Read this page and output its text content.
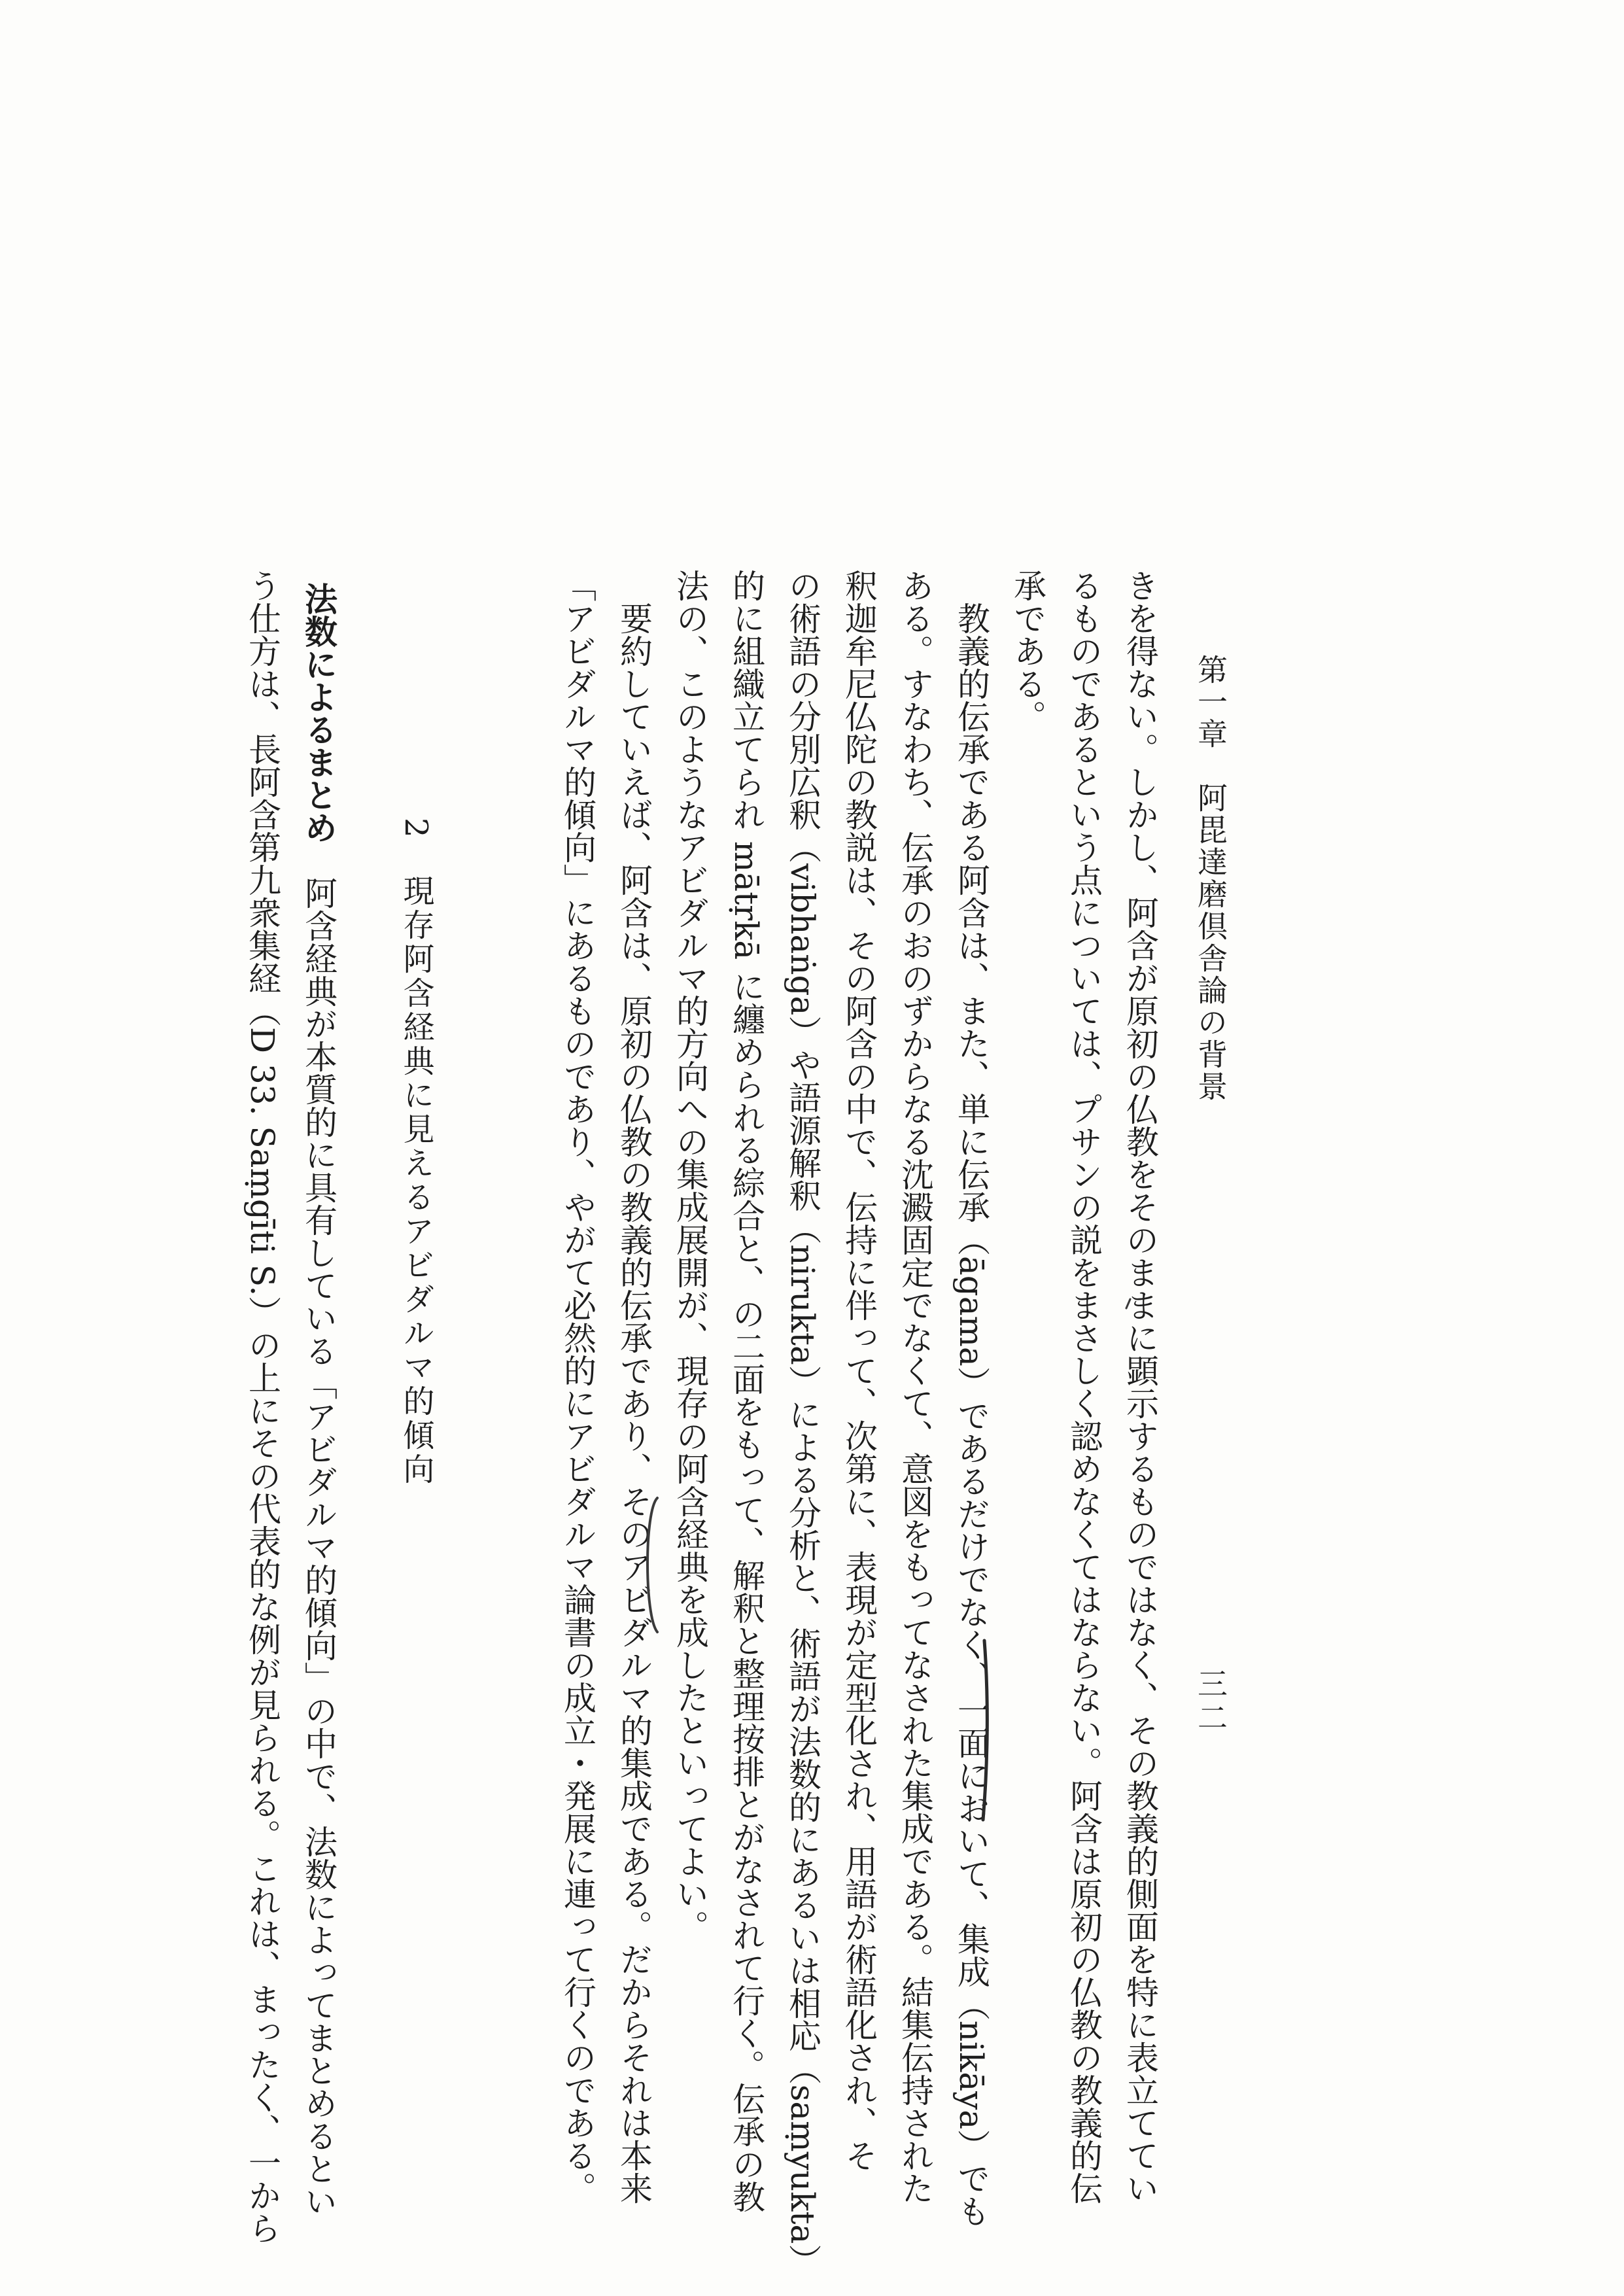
第一章　阿毘達磨倶舎論の背景
三二
きを得ない。しかし、阿含が原初の仏教をそのままに顕示するものではなく、その教義的側面を特に表立ててい
るものであるという点については、プサンの説をまさしく認めなくてはならない。阿含は原初の仏教の教義的伝
承である。
教義的伝承である阿含は、また、単に伝承（āgama）であるだけでなく、一面において、集成（nikāya）でも
ある。すなわち、伝承のおのずからなる沈澱固定でなくて、意図をもってなされた集成である。結集伝持された
釈迦牟尼仏陀の教説は、その阿含の中で、伝持に伴って、次第に、表現が定型化され、用語が術語化され、そ
の術語の分別広釈（vibhaṅga）や語源解釈（nirukta）による分析と、術語が法数的にあるいは相応（saṃyukta）
的に組織立てられ mātṛkā に纏められる綜合と、の二面をもって、解釈と整理按排とがなされて行く。伝承の教
法の、このようなアビダルマ的方向への集成展開が、現存の阿含経典を成したといってよい。
要約していえば、阿含は、原初の仏教の教義的伝承であり、そのアビダルマ的集成である。だからそれは本来
「アビダルマ的傾向」にあるものであり、やがて必然的にアビダルマ論書の成立・発展に連って行くのである。
2　現存阿含経典に見えるアビダルマ的傾向
法数によるまとめ　阿含経典が本質的に具有している「アビダルマ的傾向」の中で、法数によってまとめるとい
う仕方は、長阿含第九衆集経（D 33. Saṃgīti S.）の上にその代表的な例が見られる。これは、まったく、一から
